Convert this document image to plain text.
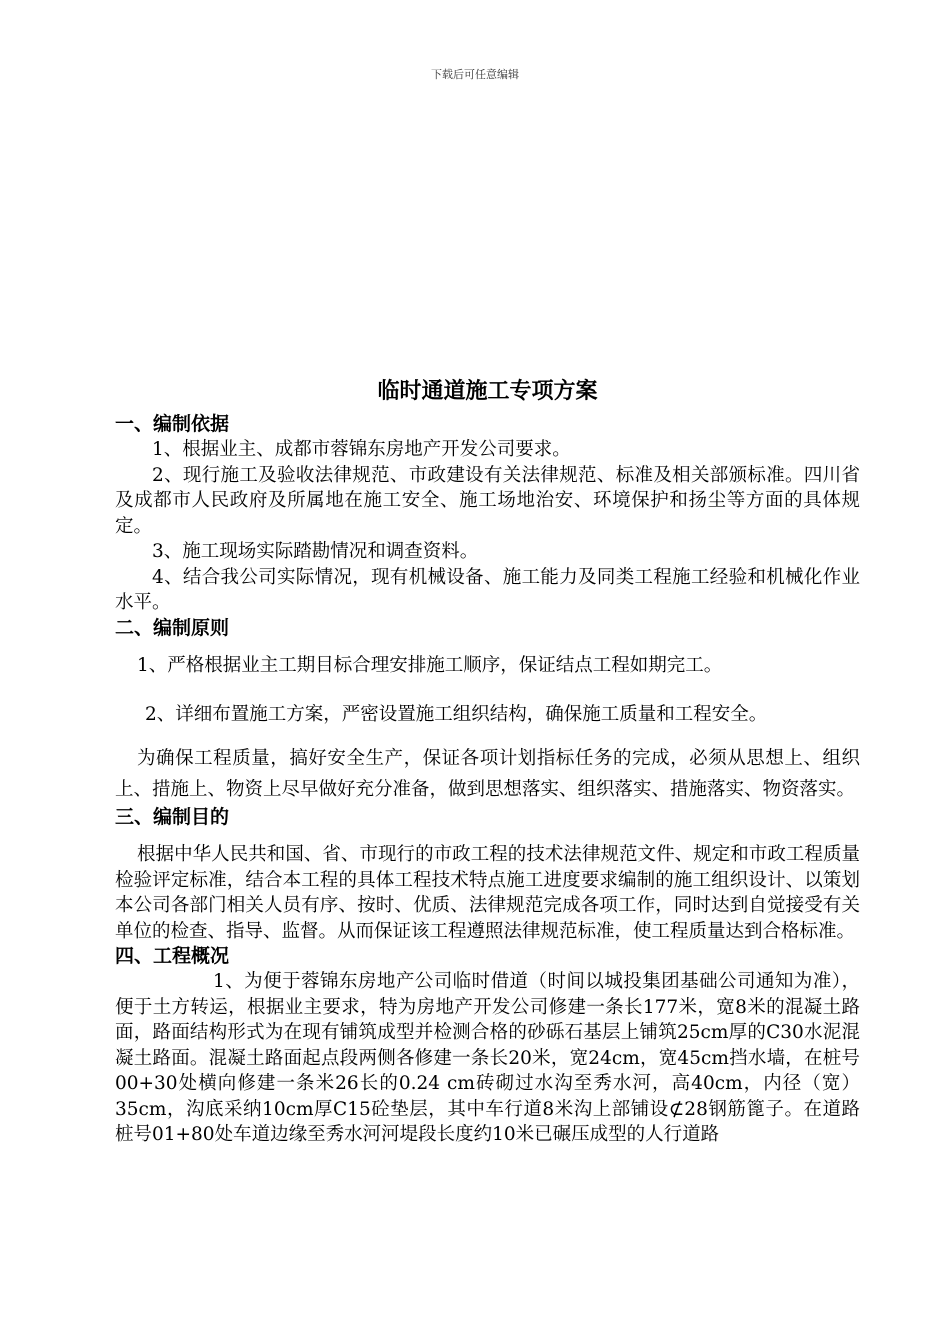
下载后可任意编辑
临时通道施工专项方案
一、编制依据

1、根据业主、成都市蓉锦东房地产开发公司要求。

2、现行施工及验收法律规范、市政建设有关法律规范、标准及相关部颁标准。四川省及成都市人民政府及所属地在施工安全、施工场地治安、环境保护和扬尘等方面的具体规定。

3、施工现场实际踏勘情况和调查资料。

4、结合我公司实际情况，现有机械设备、施工能力及同类工程施工经验和机械化作业水平。

二、编制原则

1、严格根据业主工期目标合理安排施工顺序，保证结点工程如期完工。

2、详细布置施工方案，严密设置施工组织结构，确保施工质量和工程安全。

为确保工程质量，搞好安全生产，保证各项计划指标任务的完成，必须从思想上、组织上、措施上、物资上尽早做好充分准备，做到思想落实、组织落实、措施落实、物资落实。

三、编制目的

根据中华人民共和国、省、市现行的市政工程的技术法律规范文件、规定和市政工程质量检验评定标准，结合本工程的具体工程技术特点施工进度要求编制的施工组织设计、以策划本公司各部门相关人员有序、按时、优质、法律规范完成各项工作，同时达到自觉接受有关单位的检查、指导、监督。从而保证该工程遵照法律规范标准，使工程质量达到合格标准。

四、工程概况

1、为便于蓉锦东房地产公司临时借道（时间以城投集团基础公司通知为准），便于土方转运，根据业主要求，特为房地产开发公司修建一条长177米，宽8米的混凝土路面，路面结构形式为在现有铺筑成型并检测合格的砂砾石基层上铺筑25cm厚的C30水泥混凝土路面。混凝土路面起点段两侧各修建一条长20米，宽24cm，宽45cm挡水墙，在桩号00+30处横向修建一条米26长的0.24 cm砖砌过水沟至秀水河，高40cm，内径（宽）35cm，沟底采纳10cm厚C15砼垫层，其中车行道8米沟上部铺设⊄28钢筋篦子。在道路桩号01+80处车道边缘至秀水河河堤段长度约10米已碾压成型的人行道路
